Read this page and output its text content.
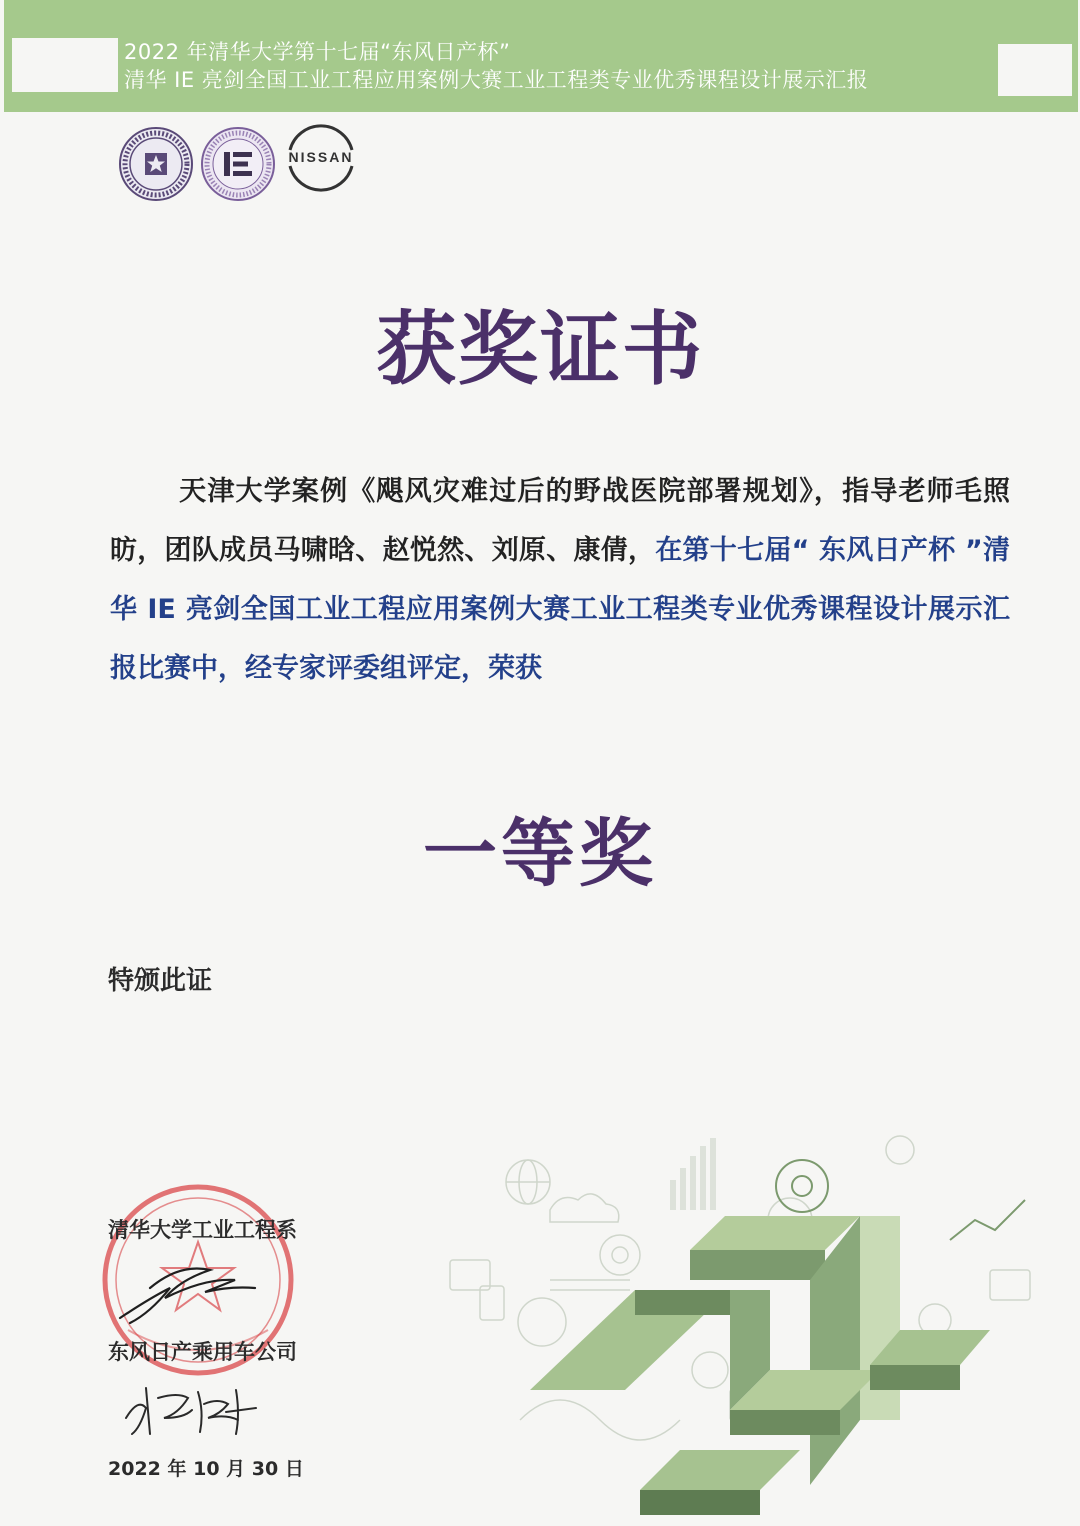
2022 年清华大学第十七届“东风日产杯”
清华 IE 亮剑全国工业工程应用案例大赛工业工程类专业优秀课程设计展示汇报
NISSAN
获奖证书
天津大学案例《飓风灾难过后的野战医院部署规划》，指导老师毛照昉，团队成员马啸晗、赵悦然、刘原、康倩，在第十七届“ 东风日产杯 ”清华 IE 亮剑全国工业工程应用案例大赛工业工程类专业优秀课程设计展示汇报比赛中，经专家评委组评定，荣获
一等奖
特颁此证
清华大学工业工程系
东风日产乘用车公司
2022 年 10 月 30 日
